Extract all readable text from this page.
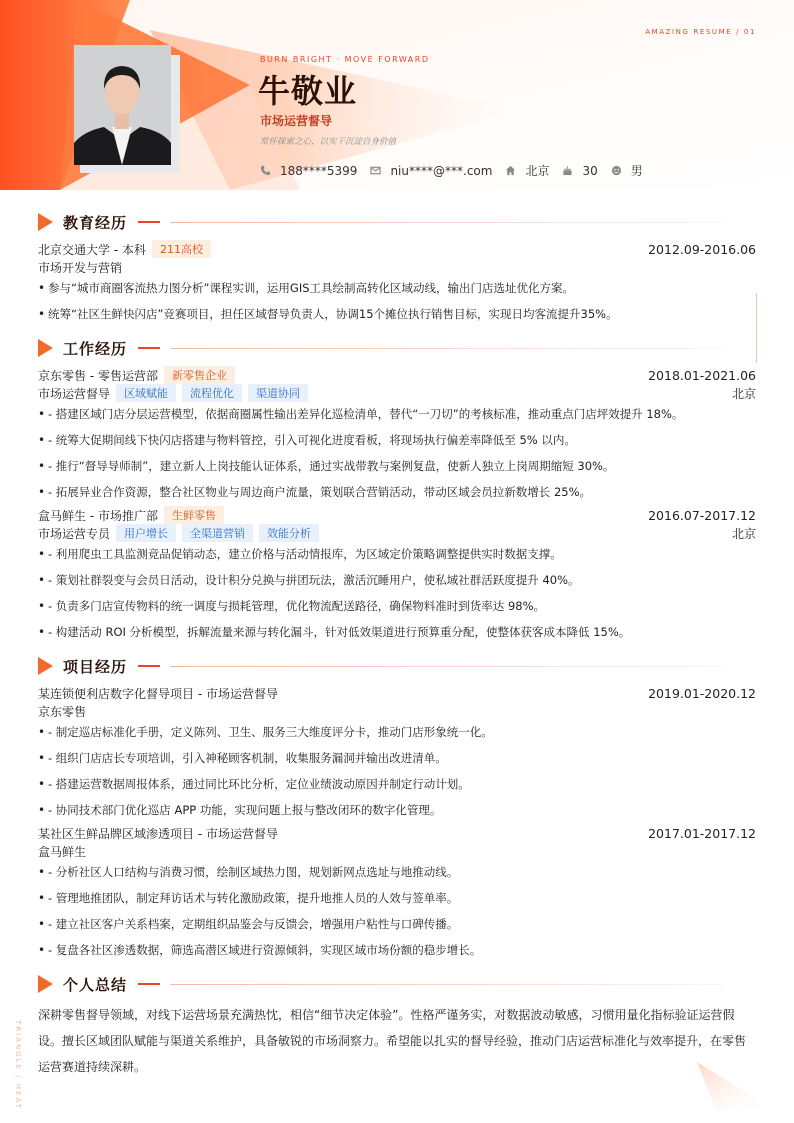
AMAZING RESUME / 01
BURN BRIGHT · MOVE FORWARD
牛敬业
市场运营督导
常怀探索之心，以实干沉淀自身价值
188****5399	niu****@***.com	北京	30	男
教育经历
北京交通大学 - 本科	211高校	2012.09-2016.06
市场开发与营销
• 参与“城市商圈客流热力图分析”课程实训，运用GIS工具绘制高转化区域动线，输出门店选址优化方案。
• 统筹“社区生鲜快闪店”竞赛项目，担任区域督导负责人，协调15个摊位执行销售目标，实现日均客流提升35%。
工作经历
京东零售 - 零售运营部	新零售企业	2018.01-2021.06
市场运营督导	区域赋能	流程优化	渠道协同	北京
• - 搭建区域门店分层运营模型，依据商圈属性输出差异化巡检清单，替代“一刀切”的考核标准，推动重点门店坪效提升 18%。
• - 统筹大促期间线下快闪店搭建与物料管控，引入可视化进度看板，将现场执行偏差率降低至 5% 以内。
• - 推行“督导导师制”，建立新人上岗技能认证体系，通过实战带教与案例复盘，使新人独立上岗周期缩短 30%。
• - 拓展异业合作资源，整合社区物业与周边商户流量，策划联合营销活动，带动区域会员拉新数增长 25%。
盒马鲜生 - 市场推广部	生鲜零售	2016.07-2017.12
市场运营专员	用户增长	全渠道营销	效能分析	北京
• - 利用爬虫工具监测竞品促销动态，建立价格与活动情报库，为区域定价策略调整提供实时数据支撑。
• - 策划社群裂变与会员日活动，设计积分兑换与拼团玩法，激活沉睡用户，使私域社群活跃度提升 40%。
• - 负责多门店宣传物料的统一调度与损耗管理，优化物流配送路径，确保物料准时到货率达 98%。
• - 构建活动 ROI 分析模型，拆解流量来源与转化漏斗，针对低效渠道进行预算重分配，使整体获客成本降低 15%。
项目经历
某连锁便利店数字化督导项目 - 市场运营督导	2019.01-2020.12
京东零售
• - 制定巡店标准化手册，定义陈列、卫生、服务三大维度评分卡，推动门店形象统一化。
• - 组织门店店长专项培训，引入神秘顾客机制，收集服务漏洞并输出改进清单。
• - 搭建运营数据周报体系，通过同比环比分析，定位业绩波动原因并制定行动计划。
• - 协同技术部门优化巡店 APP 功能，实现问题上报与整改闭环的数字化管理。
某社区生鲜品牌区域渗透项目 - 市场运营督导	2017.01-2017.12
盒马鲜生
• - 分析社区人口结构与消费习惯，绘制区域热力图，规划新网点选址与地推动线。
• - 管理地推团队，制定拜访话术与转化激励政策，提升地推人员的人效与签单率。
• - 建立社区客户关系档案，定期组织品鉴会与反馈会，增强用户粘性与口碑传播。
• - 复盘各社区渗透数据，筛选高潜区域进行资源倾斜，实现区域市场份额的稳步增长。
个人总结
深耕零售督导领域，对线下运营场景充满热忱，相信“细节决定体验”。性格严谨务实，对数据波动敏感，习惯用量化指标验证运营假设。擅长区域团队赋能与渠道关系维护，具备敏锐的市场洞察力。希望能以扎实的督导经验，推动门店运营标准化与效率提升，在零售运营赛道持续深耕。
TRIANGLE / HEAT
